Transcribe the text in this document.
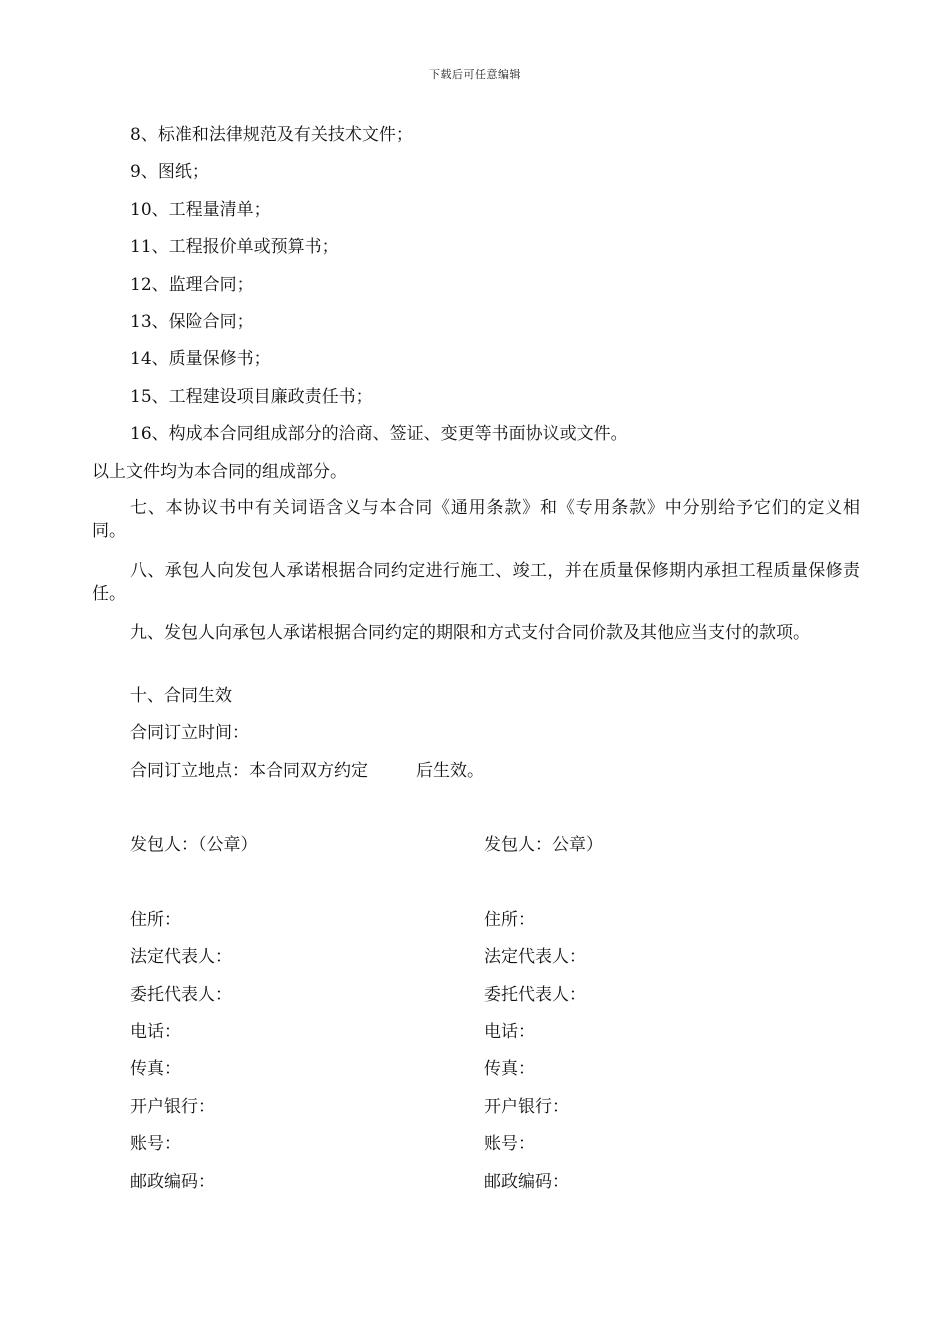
下载后可任意编辑
8、标准和法律规范及有关技术文件；
9、图纸；
10、工程量清单；
11、工程报价单或预算书；
12、监理合同；
13、保险合同；
14、质量保修书；
15、工程建设项目廉政责任书；
16、构成本合同组成部分的洽商、签证、变更等书面协议或文件。
以上文件均为本合同的组成部分。
七、本协议书中有关词语含义与本合同《通用条款》和《专用条款》中分别给予它们的定义相同。
八、承包人向发包人承诺根据合同约定进行施工、竣工，并在质量保修期内承担工程质量保修责任。
九、发包人向承包人承诺根据合同约定的期限和方式支付合同价款及其他应当支付的款项。
十、合同生效
合同订立时间：
合同订立地点：本合同双方约定	后生效。
发包人：（公章）
住所：
法定代表人：
委托代表人：
电话：
传真：
开户银行：
账号：
邮政编码：
发包人：公章）
住所：
法定代表人：
委托代表人：
电话：
传真：
开户银行：
账号：
邮政编码：
